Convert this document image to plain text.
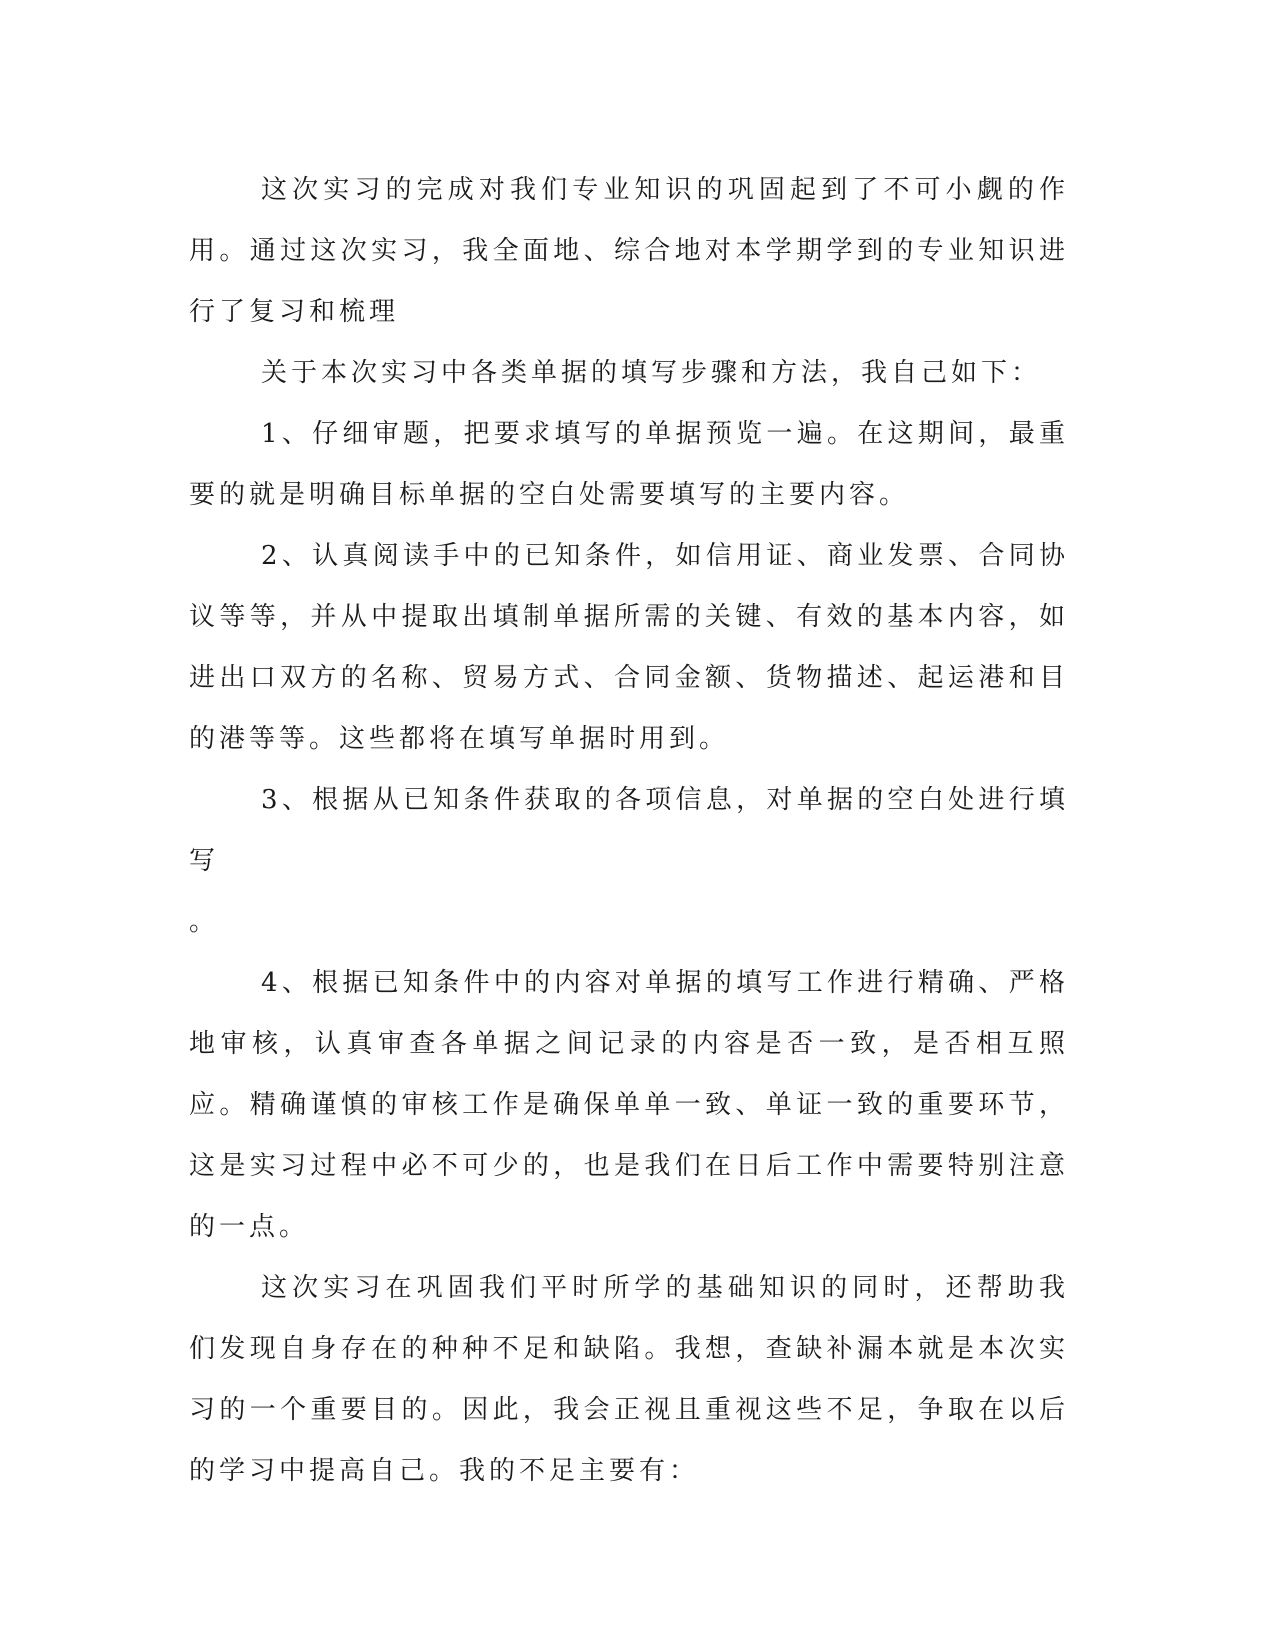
这次实习的完成对我们专业知识的巩固起到了不可小觑的作用。通过这次实习，我全面地、综合地对本学期学到的专业知识进行了复习和梳理

关于本次实习中各类单据的填写步骤和方法，我自己如下：

1、仔细审题，把要求填写的单据预览一遍。在这期间，最重要的就是明确目标单据的空白处需要填写的主要内容。

2、认真阅读手中的已知条件，如信用证、商业发票、合同协议等等，并从中提取出填制单据所需的关键、有效的基本内容，如进出口双方的名称、贸易方式、合同金额、货物描述、起运港和目的港等等。这些都将在填写单据时用到。

3、根据从已知条件获取的各项信息，对单据的空白处进行填写

。

4、根据已知条件中的内容对单据的填写工作进行精确、严格地审核，认真审查各单据之间记录的内容是否一致，是否相互照应。精确谨慎的审核工作是确保单单一致、单证一致的重要环节，这是实习过程中必不可少的，也是我们在日后工作中需要特别注意的一点。

这次实习在巩固我们平时所学的基础知识的同时，还帮助我们发现自身存在的种种不足和缺陷。我想，查缺补漏本就是本次实习的一个重要目的。因此，我会正视且重视这些不足，争取在以后的学习中提高自己。我的不足主要有：
